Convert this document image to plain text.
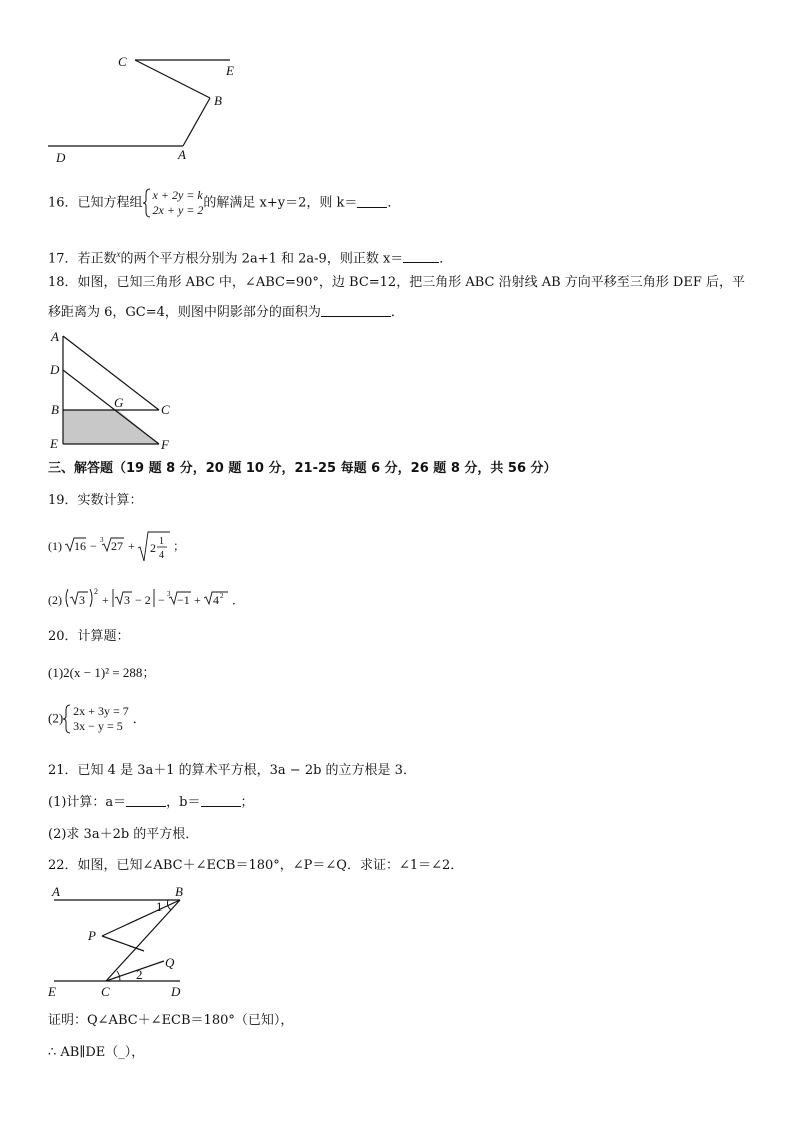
C
E
B
D	A
16．已知方程组
x + 2y = k
2x + y = 2 的解满足 x+y＝2，则 k＝ ．
17．若正数$^x$的两个平方根分别为 2a+1 和 2a-9，则正数 x＝	．
18．如图，已知三角形 ABC 中，∠ABC=90°，边 BC=12，把三角形 ABC 沿射线 AB 方向平移至三角形 DEF 后，平
移距离为 6，GC=4，则图中阴影部分的面积为	．
A
D
B	G	C
E	F
三、解答题（19 题 8 分，20 题 10 分，21-25 每题 6 分，26 题 8 分，共 56 分）
19．实数计算：
(1) 16 − 3 27 + 2 1
4
；
(2) 3
2
+ 3 − 2 − 3 −1 + 4 2 ．
20．计算题：
(1)2(x − 1)² = 288；
(2) 2x + 3y = 7
3x − y = 5 ．
21．已知 4 是 3a＋1 的算术平方根，3a − 2b 的立方根是 3．
(1)计算：a＝	，b＝	；
(2)求 3a＋2b 的平方根．
22．如图，已知∠ABC＋∠ECB＝180°，∠P＝∠Q．求证：∠1＝∠2．
A	B
1
P
Q
2
E	C	D
证明：Q∠ABC＋∠ECB＝180°（已知），
∴ AB∥DE（_），
